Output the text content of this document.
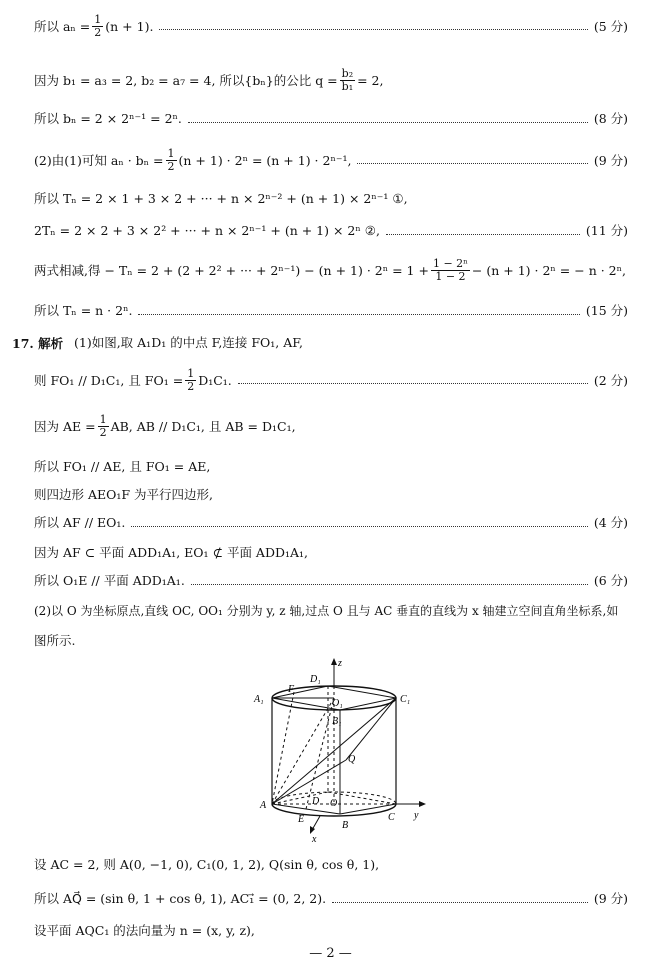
所以 $a_n = \frac{1}{2} (n + 1)$.	(5 分)
因为 b₁ = a₃ = 2, b₂ = a₇ = 4, 所以{bₙ}的公比 $q = \frac{\text{b₂}}{\text{b₁}} = 2$,
所以 bₙ = 2 × 2ⁿ⁻¹ = 2ⁿ.	(8 分)
(2)由(1)可知 $a_n \cdot b_n = \frac{1}{2} (n + 1) \cdot 2^n = (n + 1) \cdot 2^{n-1}$,	(9 分)
所以 Tₙ = 2 × 1 + 3 × 2 + ··· + n × 2ⁿ⁻² + (n + 1) × 2ⁿ⁻¹ ①,
2Tₙ = 2 × 2 + 3 × 2² + ··· + n × 2ⁿ⁻¹ + (n + 1) × 2ⁿ ②,	(11 分)
两式相减,得 − Tₙ = 2 + (2 + 2² + ··· + $2^{n-1}) - (n + 1) \cdot 2^n = 1 + \frac{\text{1 − 2ⁿ}}{1 - 2} - (n + 1) \cdot 2^n$ = − n · 2ⁿ,
所以 Tₙ = n · 2ⁿ.	(15 分)
17. 解析 (1)如图,取 A₁D₁ 的中点 F,连接 FO₁, AF,
则 FO₁ // D₁C₁, 且 $FO_1 = \frac{1}{2} D_1C_1$.	(2 分)
因为 AE = $\frac{1}{2}$ AB, AB // D₁C₁, 且 AB = D₁C₁,
所以 FO₁ // AE, 且 FO₁ = AE,
则四边形 AEO₁F 为平行四边形,
所以 AF // EO₁.	(4 分)
因为 AF ⊂ 平面 ADD₁A₁, EO₁ ⊄ 平面 ADD₁A₁,
所以 O₁E // 平面 ADD₁A₁.	(6 分)
(2)以 O 为坐标原点,直线 OC, OO₁ 分别为 y, z 轴,过点 O 且与 AC 垂直的直线为 x 轴建立空间直角坐标系,如
图所示.
D₁
z
A₁
F
O₁	C₁
B₁
Q
A	D O
C y
E
B
x
设 AC = 2, 则 A(0, −1, 0), C₁(0, 1, 2), Q(sin θ, cos θ, 1),
所以 AQ⃗ = (sin θ, 1 + cos θ, 1), AC₁⃗ = (0, 2, 2).	(9 分)
设平面 AQC₁ 的法向量为 n = (x, y, z),
— 2 —
